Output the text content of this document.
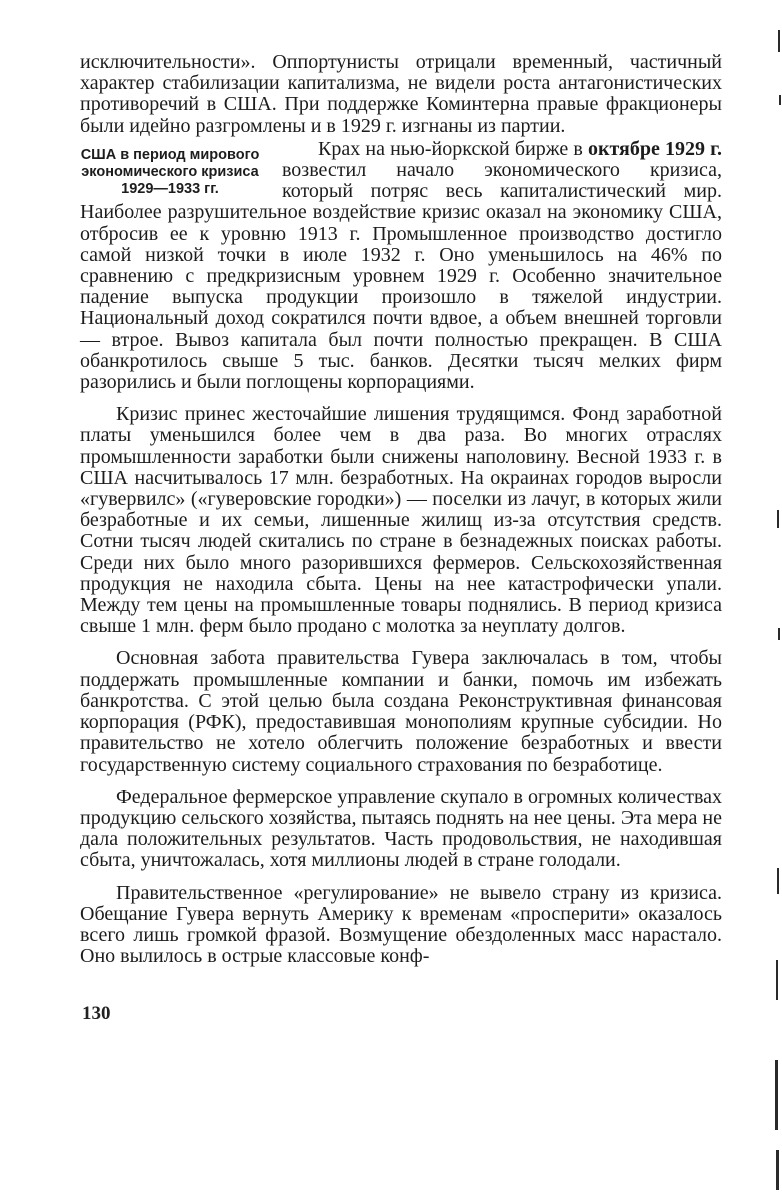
исключительности». Оппортунисты отрицали временный, частичный характер стабилизации капитализма, не видели роста антагонистических противоречий в США. При поддержке Коминтерна правые фракционеры были идейно разгромлены и в 1929 г. изгнаны из партии.

США в период мирового экономического кризиса 1929—1933 гг.

Крах на нью-йоркской бирже в октябре 1929 г. возвестил начало экономического кризиса, который потряс весь капиталистический мир. Наиболее разрушительное воздействие кризис оказал на экономику США, отбросив ее к уровню 1913 г. Промышленное производство достигло самой низкой точки в июле 1932 г. Оно уменьшилось на 46% по сравнению с предкризисным уровнем 1929 г. Особенно значительное падение выпуска продукции произошло в тяжелой индустрии. Национальный доход сократился почти вдвое, а объем внешней торговли — втрое. Вывоз капитала был почти полностью прекращен. В США обанкротилось свыше 5 тыс. банков. Десятки тысяч мелких фирм разорились и были поглощены корпорациями.

Кризис принес жесточайшие лишения трудящимся. Фонд заработной платы уменьшился более чем в два раза. Во многих отраслях промышленности заработки были снижены наполовину. Весной 1933 г. в США насчитывалось 17 млн. безработных. На окраинах городов выросли «гувервилс» («гуверовские городки») — поселки из лачуг, в которых жили безработные и их семьи, лишенные жилищ из-за отсутствия средств. Сотни тысяч людей скитались по стране в безнадежных поисках работы. Среди них было много разорившихся фермеров. Сельскохозяйственная продукция не находила сбыта. Цены на нее катастрофически упали. Между тем цены на промышленные товары поднялись. В период кризиса свыше 1 млн. ферм было продано с молотка за неуплату долгов.

Основная забота правительства Гувера заключалась в том, чтобы поддержать промышленные компании и банки, помочь им избежать банкротства. С этой целью была создана Реконструктивная финансовая корпорация (РФК), предоставившая монополиям крупные субсидии. Но правительство не хотело облегчить положение безработных и ввести государственную систему социального страхования по безработице.

Федеральное фермерское управление скупало в огромных количествах продукцию сельского хозяйства, пытаясь поднять на нее цены. Эта мера не дала положительных результатов. Часть продовольствия, не находившая сбыта, уничтожалась, хотя миллионы людей в стране голодали.

Правительственное «регулирование» не вывело страну из кризиса. Обещание Гувера вернуть Америку к временам «просперити» оказалось всего лишь громкой фразой. Возмущение обездоленных масс нарастало. Оно вылилось в острые классовые конф-

130
